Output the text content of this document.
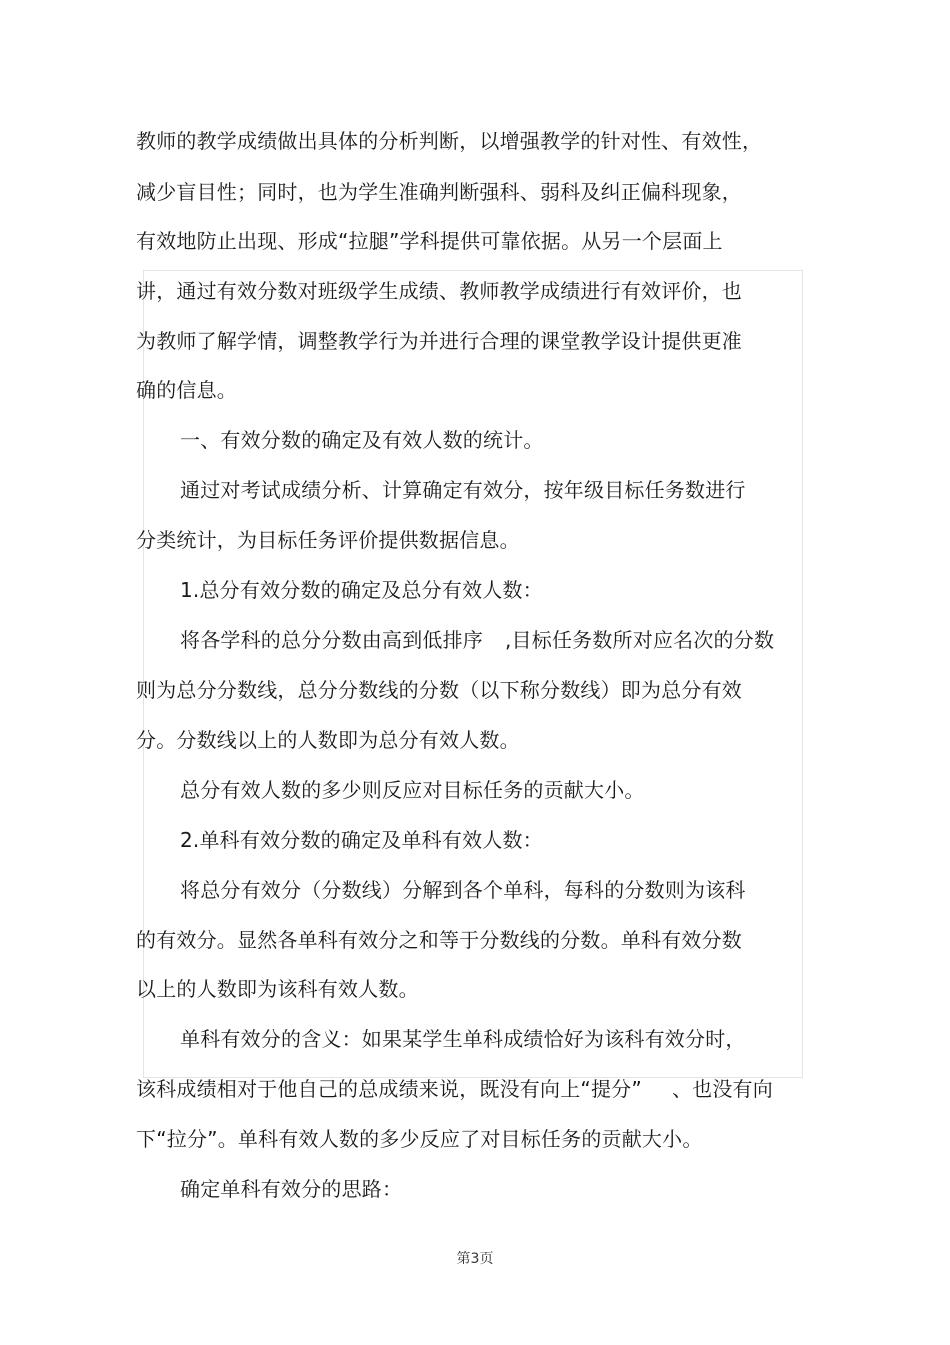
教师的教学成绩做出具体的分析判断，以增强教学的针对性、有效性，
减少盲目性；同时，也为学生准确判断强科、弱科及纠正偏科现象，
有效地防止出现、形成“拉腿”学科提供可靠依据。从另一个层面上
讲，通过有效分数对班级学生成绩、教师教学成绩进行有效评价，也
为教师了解学情，调整教学行为并进行合理的课堂教学设计提供更准
确的信息。
一、有效分数的确定及有效人数的统计。
通过对考试成绩分析、计算确定有效分，按年级目标任务数进行
分类统计，为目标任务评价提供数据信息。
1.总分有效分数的确定及总分有效人数：
将各学科的总分分数由高到低排序 ,目标任务数所对应名次的分数
则为总分分数线，总分分数线的分数（以下称分数线）即为总分有效
分。分数线以上的人数即为总分有效人数。
总分有效人数的多少则反应对目标任务的贡献大小。
2.单科有效分数的确定及单科有效人数：
将总分有效分（分数线）分解到各个单科，每科的分数则为该科
的有效分。显然各单科有效分之和等于分数线的分数。单科有效分数
以上的人数即为该科有效人数。
单科有效分的含义：如果某学生单科成绩恰好为该科有效分时，
该科成绩相对于他自己的总成绩来说，既没有向上“提分” 、也没有向
下“拉分”。单科有效人数的多少反应了对目标任务的贡献大小。
确定单科有效分的思路：
第3页
